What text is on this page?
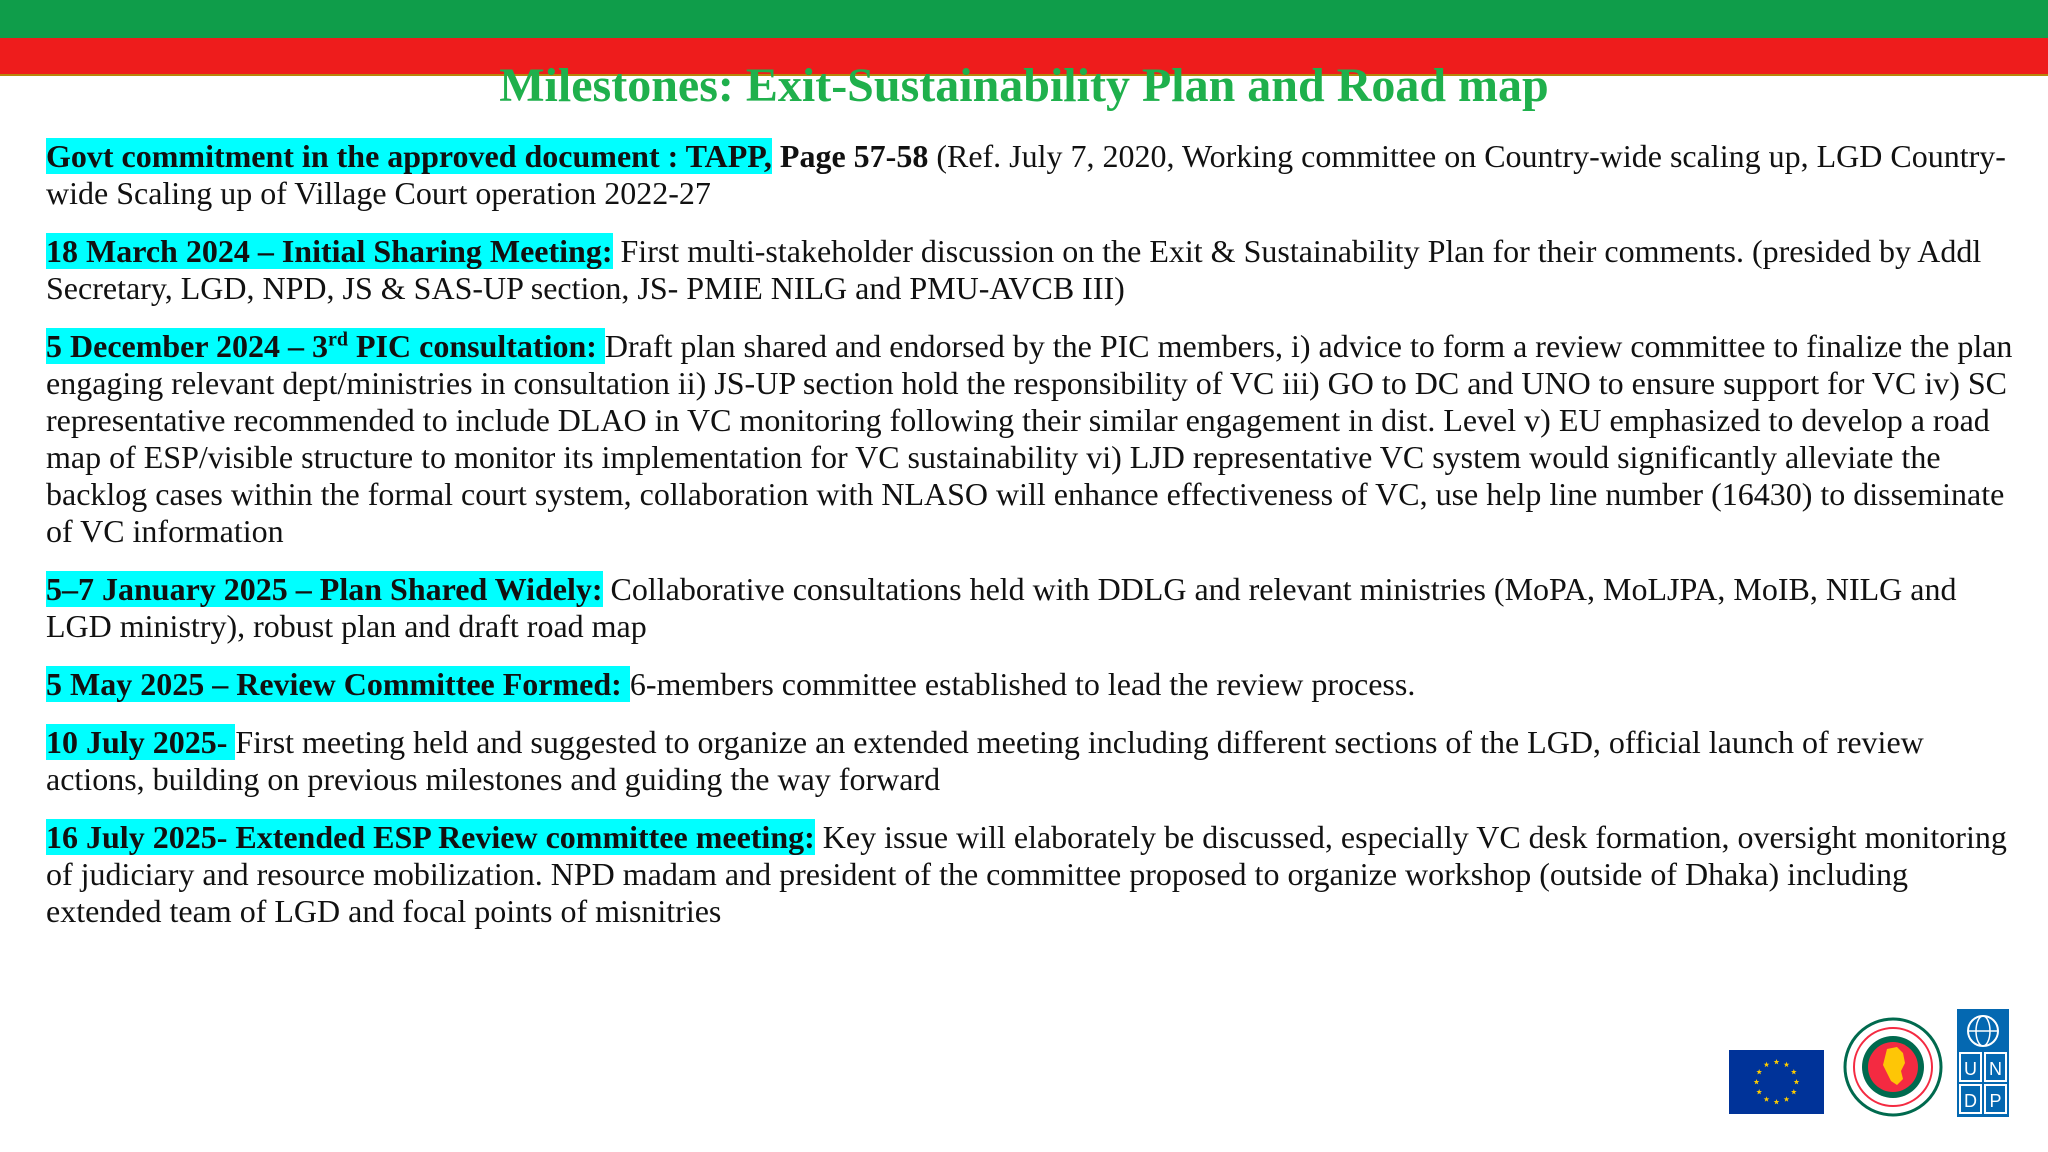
Milestones: Exit-Sustainability Plan and Road map

Govt commitment in the approved document : TAPP, Page 57-58 (Ref. July 7, 2020, Working committee on Country-wide scaling up, LGD Country-wide Scaling up of Village Court operation 2022-27

18 March 2024 – Initial Sharing Meeting: First multi-stakeholder discussion on the Exit & Sustainability Plan for their comments. (presided by Addl Secretary, LGD, NPD, JS & SAS-UP section, JS- PMIE NILG and PMU-AVCB III)

5 December 2024 – 3rd PIC consultation: Draft plan shared and endorsed by the PIC members, i) advice to form a review committee to finalize the plan engaging relevant dept/ministries in consultation ii) JS-UP section hold the responsibility of VC iii) GO to DC and UNO to ensure support for VC iv) SC representative recommended to include DLAO in VC monitoring following their similar engagement in dist. Level v) EU emphasized to develop a road map of ESP/visible structure to monitor its implementation for VC sustainability vi) LJD representative VC system would significantly alleviate the backlog cases within the formal court system, collaboration with NLASO will enhance effectiveness of VC, use help line number (16430) to disseminate of VC information

5–7 January 2025 – Plan Shared Widely: Collaborative consultations held with DDLG and relevant ministries (MoPA, MoLJPA, MoIB, NILG and LGD ministry), robust plan and draft road map

5 May 2025 – Review Committee Formed: 6-members committee established to lead the review process.

10 July 2025- First meeting held and suggested to organize an extended meeting including different sections of the LGD, official launch of review actions, building on previous milestones and guiding the way forward

16 July 2025- Extended ESP Review committee meeting: Key issue will elaborately be discussed, especially VC desk formation, oversight monitoring of judiciary and resource mobilization. NPD madam and president of the committee proposed to organize workshop (outside of Dhaka) including extended team of LGD and focal points of misnitries

U N
D P
